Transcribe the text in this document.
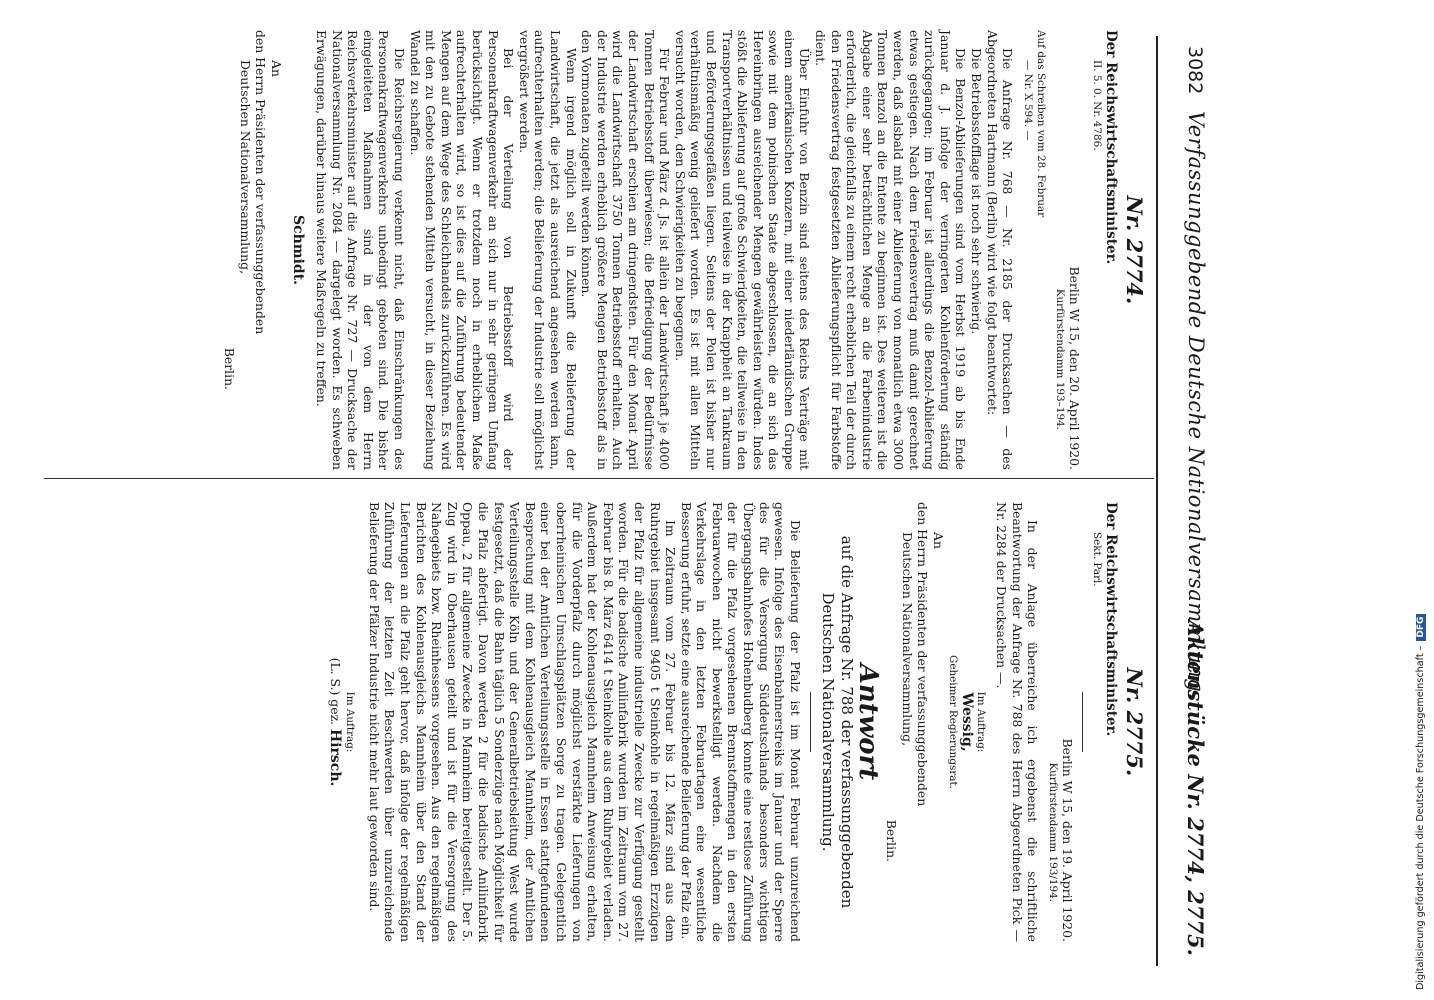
3082
Verfassunggebende Deutsche Nationalversammlung.
Aktenstücke Nr. 2774, 2775.

Nr. 2774.

Der Reichswirtschaftsminister.

II. 5. 0. Nr. 4786.

Berlin W 15, den 20. April 1920.

Kurfürstendamm 193–194.

Auf das Schreiben vom 28. Februar

— Nr. X 594. —

Die Anfrage Nr. 768 — Nr. 2185 der Drucksachen — des Abgeordneten Hartmann (Berlin) wird wie folgt beantwortet:

Die Betriebsstofflage ist noch sehr schwierig.

Die Benzol-Ablieferungen sind vom Herbst 1919 ab bis Ende Januar d. J. infolge der verringerten Kohlenförderung ständig zurückgegangen; im Februar ist allerdings die Benzol-Ablieferung etwas gestiegen. Nach dem Friedensvertrag muß damit gerechnet werden, daß alsbald mit einer Ablieferung von monatlich etwa 3000 Tonnen Benzol an die Entente zu beginnen ist. Des weiteren ist die Abgabe einer sehr beträchtlichen Menge an die Farbenindustrie erforderlich, die gleichfalls zu einem recht erheblichen Teil der durch den Friedensvertrag festgesetzten Ablieferungspflicht für Farbstoffe dient.

Über Einfuhr von Benzin sind seitens des Reichs Verträge mit einem amerikanischen Konzern, mit einer niederländischen Gruppe sowie mit dem polnischen Staate abgeschlossen, die an sich das Hereinbringen ausreichender Mengen gewährleisten würden. Indes stößt die Ablieferung auf große Schwierigkeiten, die teilweise in den Transportverhältnissen und teilweise in der Knappheit an Tankraum und Beförderungsgefäßen liegen. Seitens der Polen ist bisher nur verhältnismäßig wenig geliefert worden. Es ist mit allen Mitteln versucht worden, den Schwierigkeiten zu begegnen.

Für Februar und März d. Js. ist allein der Landwirtschaft je 4000 Tonnen Betriebsstoff überwiesen; die Befriedigung der Bedürfnisse der Landwirtschaft erschien am dringendsten. Für den Monat April wird die Landwirtschaft 3750 Tonnen Betriebsstoff erhalten. Auch der Industrie werden erheblich größere Mengen Betriebsstoff als in den Vormonaten zugeteilt werden können.

Wenn irgend möglich soll in Zukunft die Belieferung der Landwirtschaft, die jetzt als ausreichend angesehen werden kann, aufrechterhalten werden; die Belieferung der Industrie soll möglichst vergrößert werden.

Bei der Verteilung von Betriebsstoff wird der Personenkraftwagenverkehr an sich nur in sehr geringem Umfang berücksichtigt. Wenn er trotzdem noch in erheblichem Maße aufrechterhalten wird, so ist dies auf die Zuführung bedeutender Mengen auf dem Wege des Schleichhandels zurückzuführen. Es wird mit den zu Gebote stehenden Mitteln versucht, in dieser Beziehung Wandel zu schaffen.

Die Reichsregierung verkennt nicht, daß Einschränkungen des Personenkraftwagenverkehrs unbedingt geboten sind. Die bisher eingeleiteten Maßnahmen sind in der von dem Herrn Reichsverkehrsminister auf die Anfrage Nr. 727 — Drucksache der Nationalversammlung Nr. 2084 — dargelegt worden. Es schweben Erwägungen, darüber hinaus weitere Maßregeln zu treffen.

Schmidt.

An

den Herrn Präsidenten der verfassunggebenden

Deutschen Nationalversammlung,

Berlin.

Nr. 2775.

Der Reichswirtschaftsminister.

Sekt. Parl.

Berlin W 15, den 19. April 1920.

Kurfürstendamm 193/194.

In der Anlage überreiche ich ergebenst die schriftliche Beantwortung der Anfrage Nr. 788 des Herrn Abgeordneten Pick — Nr. 2284 der Drucksachen —.

Im Auftrag:

Wessig,

Geheimer Regierungsrat.

An

den Herrn Präsidenten der verfassunggebenden

Deutschen Nationalversammlung,

Berlin.

Antwort

auf die Anfrage Nr. 788 der verfassunggebenden

Deutschen Nationalversammlung.

Die Belieferung der Pfalz ist im Monat Februar unzureichend gewesen. Infolge des Eisenbahnerstreiks im Januar und der Sperre des für die Versorgung Süddeutschlands besonders wichtigen Übergangsbahnhofes Hohenbudberg konnte eine restlose Zuführung der für die Pfalz vorgesehenen Brennstoffmengen in den ersten Februarwochen nicht bewerkstelligt werden. Nachdem die Verkehrslage in den letzten Februartagen eine wesentliche Besserung erfuhr, setzte eine ausreichende Belieferung der Pfalz ein.

Im Zeitraum vom 27. Februar bis 12. März sind aus dem Ruhrgebiet insgesamt 9405 t Steinkohle in regelmäßigen Erzzügen der Pfalz für allgemeine industrielle Zwecke zur Verfügung gestellt worden. Für die badische Anilinfabrik wurden im Zeitraum vom 27. Februar bis 8. März 6414 t Steinkohle aus dem Ruhrgebiet verladen. Außerdem hat der Kohlenausgleich Mannheim Anweisung erhalten, für die Vorderpfalz durch möglichst verstärkte Lieferungen von oberrheinischen Umschlagsplätzen Sorge zu tragen. Gelegentlich einer bei der Amtlichen Verteilungsstelle in Essen stattgefundenen Besprechung mit dem Kohlenausgleich Mannheim, der Amtlichen Verteilungsstelle Köln und der Generalbetriebsleitung West wurde festgesetzt, daß die Bahn täglich 5 Sonderzüge nach Möglichkeit für die Pfalz abfertigt. Davon werden 2 für die badische Anilinfabrik Oppau, 2 für allgemeine Zwecke in Mannheim bereitgestellt. Der 5. Zug wird in Oberhausen geteilt und ist für die Versorgung des Nahegebiets bzw. Rheinhessens vorgesehen. Aus den regelmäßigen Berichten des Kohlenausgleichs Mannheim über den Stand der Lieferungen an die Pfalz geht hervor, daß infolge der regelmäßigen Zuführung der letzten Zeit Beschwerden über unzureichende Belieferung der Pfälzer Industrie nicht mehr laut geworden sind.

Im Auftrag:

(L. S.) gez. Hirsch.	Digitalisierung gefördert durch die Deutsche Forschungsgemeinschaft –DFG
